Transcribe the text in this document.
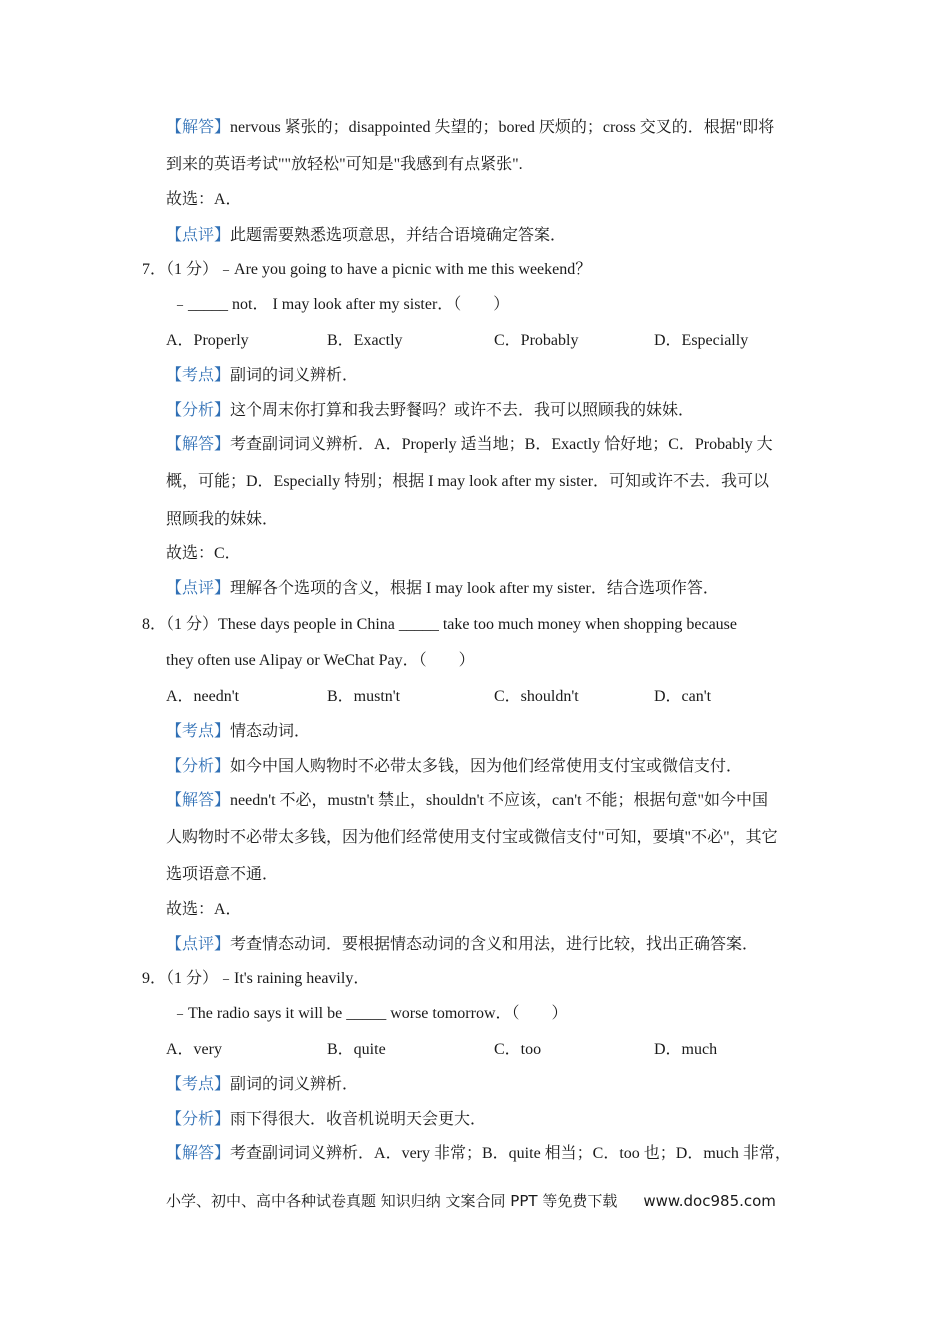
【解答】nervous 紧张的；disappointed 失望的；bored 厌烦的；cross 交叉的．根据"即将
到来的英语考试""放轻松"可知是"我感到有点紧张".
故选：A．
【点评】此题需要熟悉选项意思，并结合语境确定答案．
7．（1 分）﹣Are you going to have a picnic with me this weekend？
﹣_____ not． I may look after my sister．（　　）
A．Properly	B．Exactly	C．Probably	D．Especially
【考点】副词的词义辨析．
【分析】这个周末你打算和我去野餐吗？或许不去．我可以照顾我的妹妹．
【解答】考查副词词义辨析．A．Properly 适当地；B．Exactly 恰好地；C．Probably 大
概，可能；D．Especially 特别；根据 I may look after my sister．可知或许不去．我可以
照顾我的妹妹．
故选：C．
【点评】理解各个选项的含义，根据 I may look after my sister．结合选项作答．
8．（1 分）These days people in China _____ take too much money when shopping because
they often use Alipay or WeChat Pay．（　　）
A．needn't	B．mustn't	C．shouldn't	D．can't
【考点】情态动词．
【分析】如今中国人购物时不必带太多钱，因为他们经常使用支付宝或微信支付．
【解答】needn't 不必，mustn't 禁止，shouldn't 不应该，can't 不能；根据句意"如今中国
人购物时不必带太多钱，因为他们经常使用支付宝或微信支付"可知，要填"不必"，其它
选项语意不通．
故选：A．
【点评】考查情态动词．要根据情态动词的含义和用法，进行比较，找出正确答案．
9．（1 分）﹣It's raining heavily．
﹣The radio says it will be _____ worse tomorrow．（　　）
A．very	B．quite	C．too	D．much
【考点】副词的词义辨析．
【分析】雨下得很大．收音机说明天会更大．
【解答】考查副词词义辨析．A．very 非常；B．quite 相当；C．too 也；D．much 非常，
小学、初中、高中各种试卷真题 知识归纳 文案合同 PPT 等免费下载 www.doc985.com
